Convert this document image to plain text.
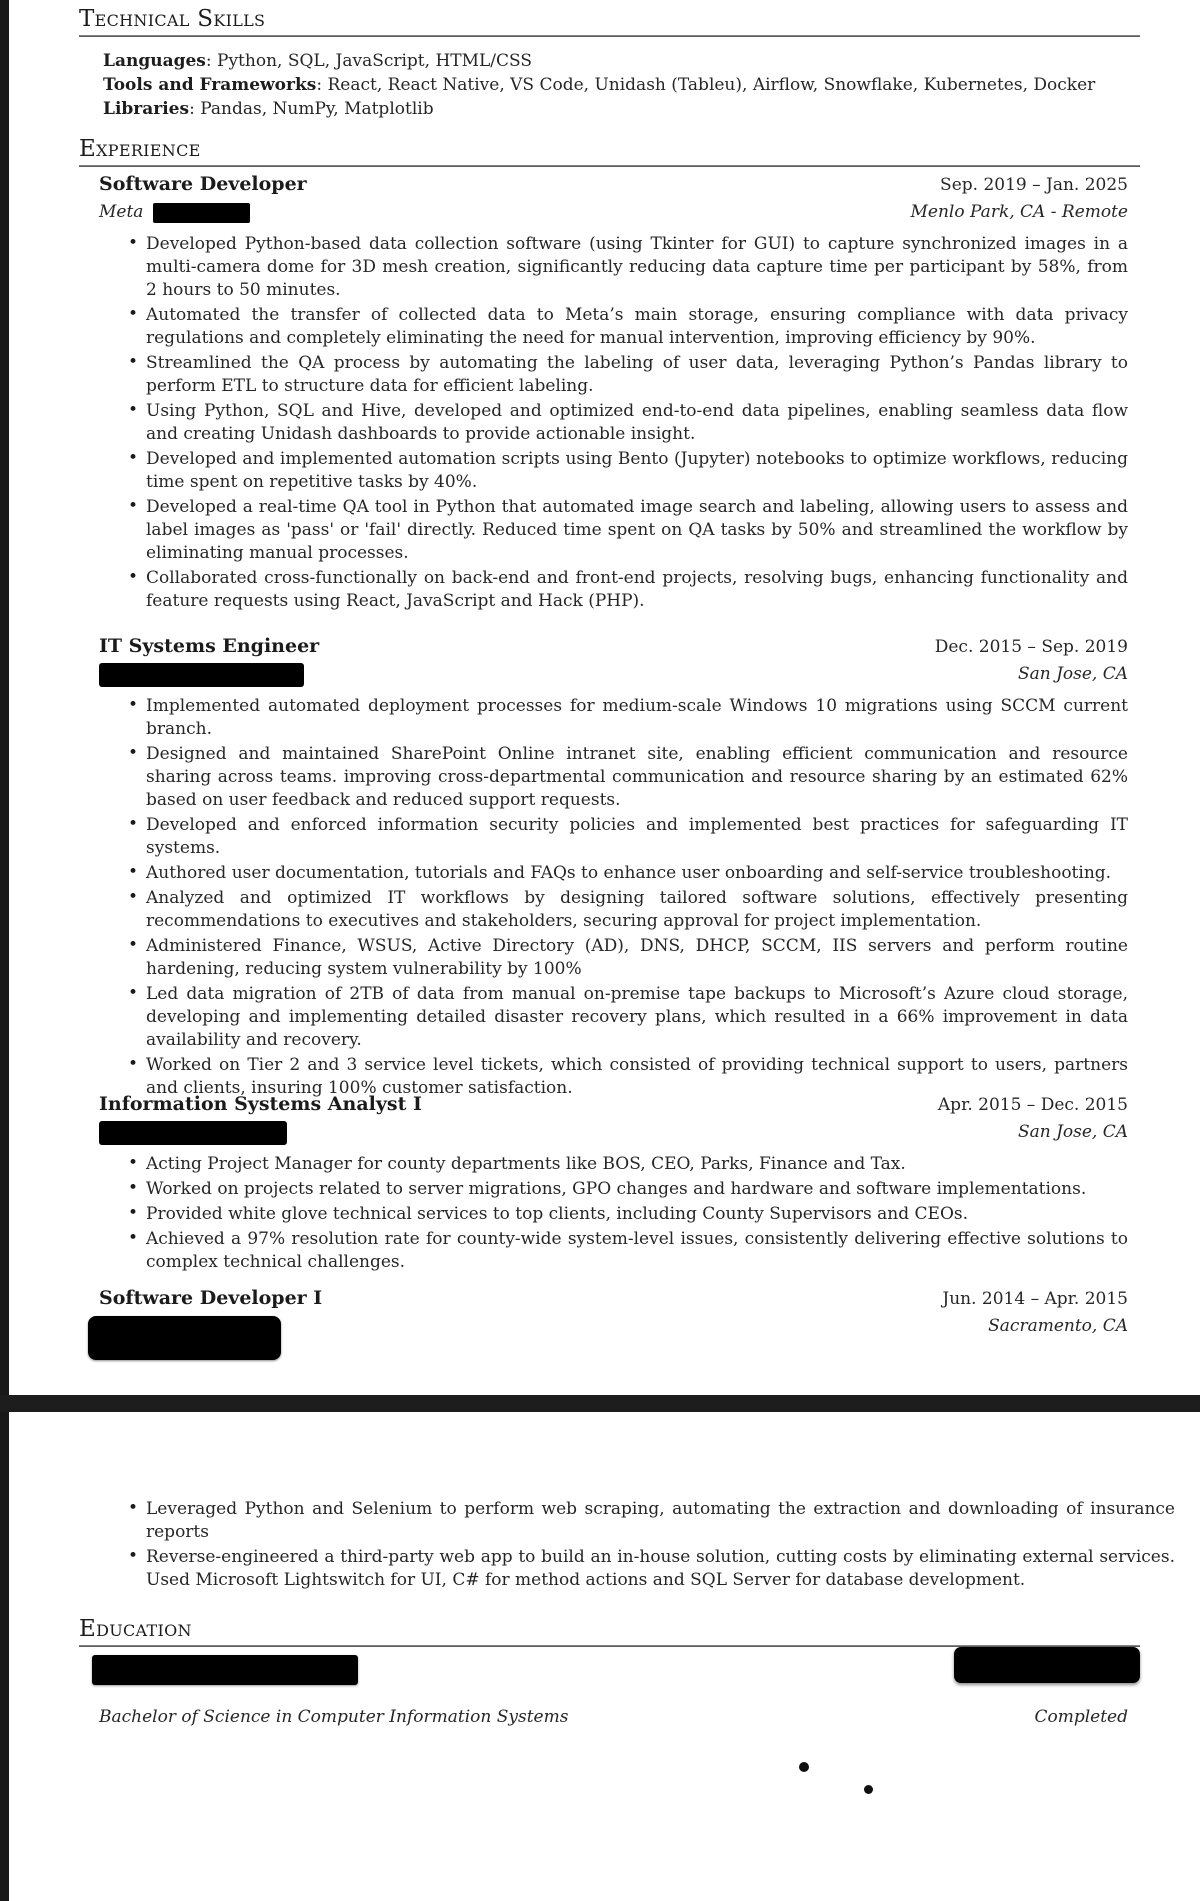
Technical Skills
Languages: Python, SQL, JavaScript, HTML/CSS
Tools and Frameworks: React, React Native, VS Code, Unidash (Tableu), Airflow, Snowflake, Kubernetes, Docker
Libraries: Pandas, NumPy, Matplotlib
Experience
Software Developer	Sep. 2019 – Jan. 2025
Meta	Menlo Park, CA - Remote
• Developed Python-based data collection software (using Tkinter for GUI) to capture synchronized images in a multi-camera dome for 3D mesh creation, significantly reducing data capture time per participant by 58%, from 2 hours to 50 minutes.
• Automated the transfer of collected data to Meta’s main storage, ensuring compliance with data privacy regulations and completely eliminating the need for manual intervention, improving efficiency by 90%.
• Streamlined the QA process by automating the labeling of user data, leveraging Python’s Pandas library to perform ETL to structure data for efficient labeling.
• Using Python, SQL and Hive, developed and optimized end-to-end data pipelines, enabling seamless data flow and creating Unidash dashboards to provide actionable insight.
• Developed and implemented automation scripts using Bento (Jupyter) notebooks to optimize workflows, reducing time spent on repetitive tasks by 40%.
• Developed a real-time QA tool in Python that automated image search and labeling, allowing users to assess and label images as 'pass' or 'fail' directly. Reduced time spent on QA tasks by 50% and streamlined the workflow by eliminating manual processes.
• Collaborated cross-functionally on back-end and front-end projects, resolving bugs, enhancing functionality and feature requests using React, JavaScript and Hack (PHP).
IT Systems Engineer	Dec. 2015 – Sep. 2019
San Jose, CA
• Implemented automated deployment processes for medium-scale Windows 10 migrations using SCCM current branch.
• Designed and maintained SharePoint Online intranet site, enabling efficient communication and resource sharing across teams. improving cross-departmental communication and resource sharing by an estimated 62% based on user feedback and reduced support requests.
• Developed and enforced information security policies and implemented best practices for safeguarding IT systems.
• Authored user documentation, tutorials and FAQs to enhance user onboarding and self-service troubleshooting.
• Analyzed and optimized IT workflows by designing tailored software solutions, effectively presenting recommendations to executives and stakeholders, securing approval for project implementation.
• Administered Finance, WSUS, Active Directory (AD), DNS, DHCP, SCCM, IIS servers and perform routine hardening, reducing system vulnerability by 100%
• Led data migration of 2TB of data from manual on-premise tape backups to Microsoft’s Azure cloud storage, developing and implementing detailed disaster recovery plans, which resulted in a 66% improvement in data availability and recovery.
• Worked on Tier 2 and 3 service level tickets, which consisted of providing technical support to users, partners and clients, insuring 100% customer satisfaction.
Information Systems Analyst I	Apr. 2015 – Dec. 2015
San Jose, CA
• Acting Project Manager for county departments like BOS, CEO, Parks, Finance and Tax.
• Worked on projects related to server migrations, GPO changes and hardware and software implementations.
• Provided white glove technical services to top clients, including County Supervisors and CEOs.
• Achieved a 97% resolution rate for county-wide system-level issues, consistently delivering effective solutions to complex technical challenges.
Software Developer I	Jun. 2014 – Apr. 2015
Sacramento, CA
• Leveraged Python and Selenium to perform web scraping, automating the extraction and downloading of insurance reports
• Reverse-engineered a third-party web app to build an in-house solution, cutting costs by eliminating external services. Used Microsoft Lightswitch for UI, C# for method actions and SQL Server for database development.
Education
Bachelor of Science in Computer Information Systems	Completed
